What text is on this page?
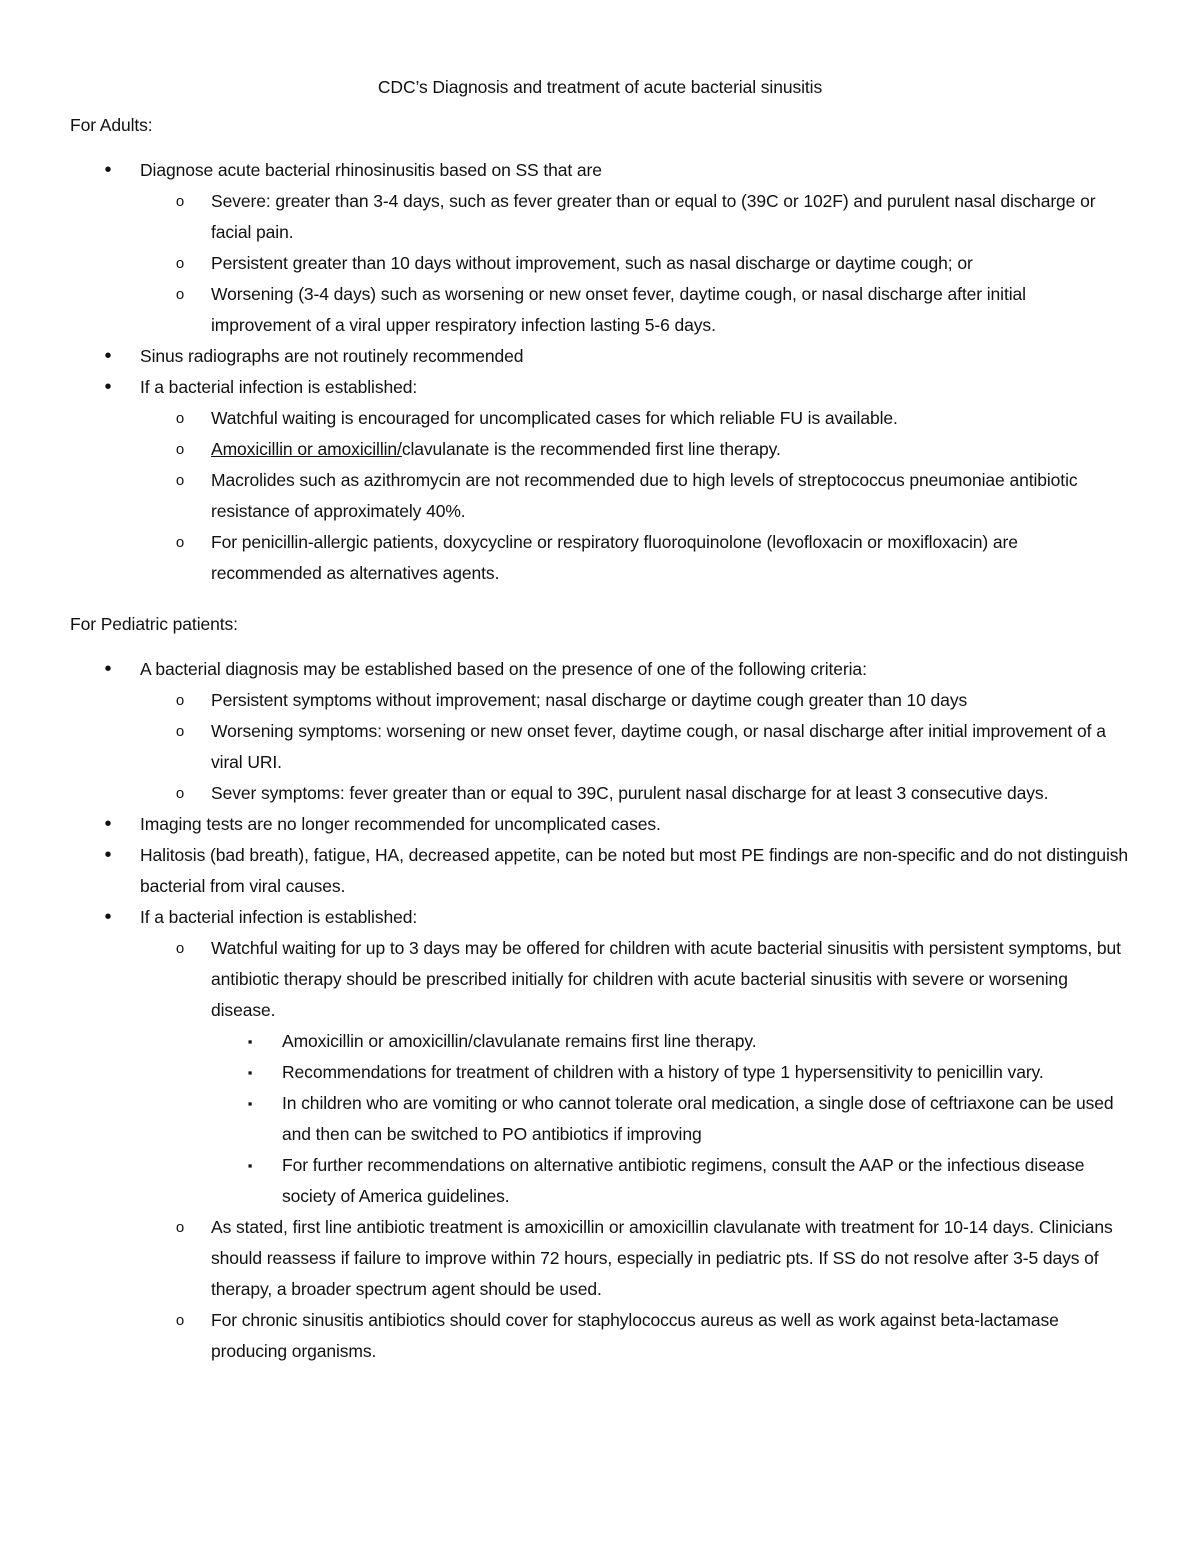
CDC’s Diagnosis and treatment of acute bacterial sinusitis
For Adults:
•	Diagnose acute bacterial rhinosinusitis based on SS that are
o	Severe: greater than 3-4 days, such as fever greater than or equal to (39C or 102F) and purulent nasal discharge or facial pain.
o	Persistent greater than 10 days without improvement, such as nasal discharge or daytime cough; or
o	Worsening (3-4 days) such as worsening or new onset fever, daytime cough, or nasal discharge after initial improvement of a viral upper respiratory infection lasting 5-6 days.
•	Sinus radiographs are not routinely recommended
•	If a bacterial infection is established:
o	Watchful waiting is encouraged for uncomplicated cases for which reliable FU is available.
o	Amoxicillin or amoxicillin/clavulanate is the recommended first line therapy.
o	Macrolides such as azithromycin are not recommended due to high levels of streptococcus pneumoniae antibiotic resistance of approximately 40%.
o	For penicillin-allergic patients, doxycycline or respiratory fluoroquinolone (levofloxacin or moxifloxacin) are recommended as alternatives agents.
For Pediatric patients:
•	A bacterial diagnosis may be established based on the presence of one of the following criteria:
o	Persistent symptoms without improvement; nasal discharge or daytime cough greater than 10 days
o	Worsening symptoms: worsening or new onset fever, daytime cough, or nasal discharge after initial improvement of a viral URI.
o	Sever symptoms: fever greater than or equal to 39C, purulent nasal discharge for at least 3 consecutive days.
•	Imaging tests are no longer recommended for uncomplicated cases.
•	Halitosis (bad breath), fatigue, HA, decreased appetite, can be noted but most PE findings are non-specific and do not distinguish bacterial from viral causes.
•	If a bacterial infection is established:
o	Watchful waiting for up to 3 days may be offered for children with acute bacterial sinusitis with persistent symptoms, but antibiotic therapy should be prescribed initially for children with acute bacterial sinusitis with severe or worsening disease.
▪	Amoxicillin or amoxicillin/clavulanate remains first line therapy.
▪	Recommendations for treatment of children with a history of type 1 hypersensitivity to penicillin vary.
▪	In children who are vomiting or who cannot tolerate oral medication, a single dose of ceftriaxone can be used and then can be switched to PO antibiotics if improving
▪	For further recommendations on alternative antibiotic regimens, consult the AAP or the infectious disease society of America guidelines.
o	As stated, first line antibiotic treatment is amoxicillin or amoxicillin clavulanate with treatment for 10-14 days. Clinicians should reassess if failure to improve within 72 hours, especially in pediatric pts. If SS do not resolve after 3-5 days of therapy, a broader spectrum agent should be used.
o	For chronic sinusitis antibiotics should cover for staphylococcus aureus as well as work against beta-lactamase producing organisms.
